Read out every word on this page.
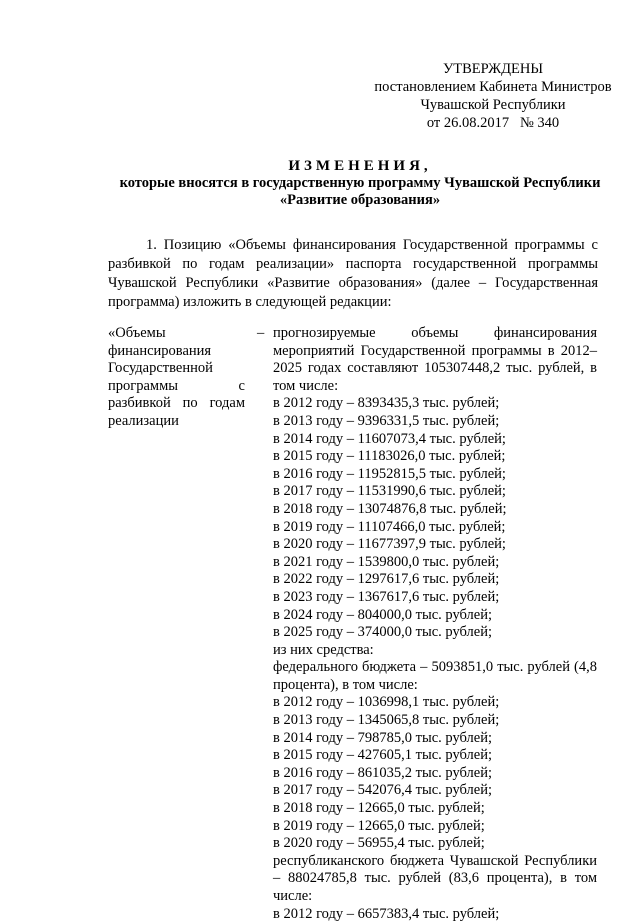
УТВЕРЖДЕНЫ
постановлением Кабинета Министров
Чувашской Республики
от 26.08.2017   № 340
ИЗМЕНЕНИЯ,
которые вносятся в государственную программу Чувашской Республики
«Развитие образования»

1. Позицию «Объемы финансирования Государственной программы с разбивкой по годам реализации» паспорта государственной программы Чувашской Республики «Развитие образования» (далее – Государственная программа) изложить в следующей редакции:

«Объемы финансирования Государственной программы с разбивкой по годам реализации
– прогнозируемые объемы финансирования мероприятий Государственной программы в 2012–2025 годах составляют 105307448,2 тыс. рублей, в том числе:
в 2012 году – 8393435,3 тыс. рублей;
в 2013 году – 9396331,5 тыс. рублей;
в 2014 году – 11607073,4 тыс. рублей;
в 2015 году – 11183026,0 тыс. рублей;
в 2016 году – 11952815,5 тыс. рублей;
в 2017 году – 11531990,6 тыс. рублей;
в 2018 году – 13074876,8 тыс. рублей;
в 2019 году – 11107466,0 тыс. рублей;
в 2020 году – 11677397,9 тыс. рублей;
в 2021 году – 1539800,0 тыс. рублей;
в 2022 году – 1297617,6 тыс. рублей;
в 2023 году – 1367617,6 тыс. рублей;
в 2024 году – 804000,0 тыс. рублей;
в 2025 году – 374000,0 тыс. рублей;
из них средства:
федерального бюджета – 5093851,0 тыс. рублей (4,8 процента), в том числе:
в 2012 году – 1036998,1 тыс. рублей;
в 2013 году – 1345065,8 тыс. рублей;
в 2014 году – 798785,0 тыс. рублей;
в 2015 году – 427605,1 тыс. рублей;
в 2016 году – 861035,2 тыс. рублей;
в 2017 году – 542076,4 тыс. рублей;
в 2018 году – 12665,0 тыс. рублей;
в 2019 году – 12665,0 тыс. рублей;
в 2020 году – 56955,4 тыс. рублей;
республиканского бюджета Чувашской Республики – 88024785,8 тыс. рублей (83,6 процента), в том числе:
в 2012 году – 6657383,4 тыс. рублей;
